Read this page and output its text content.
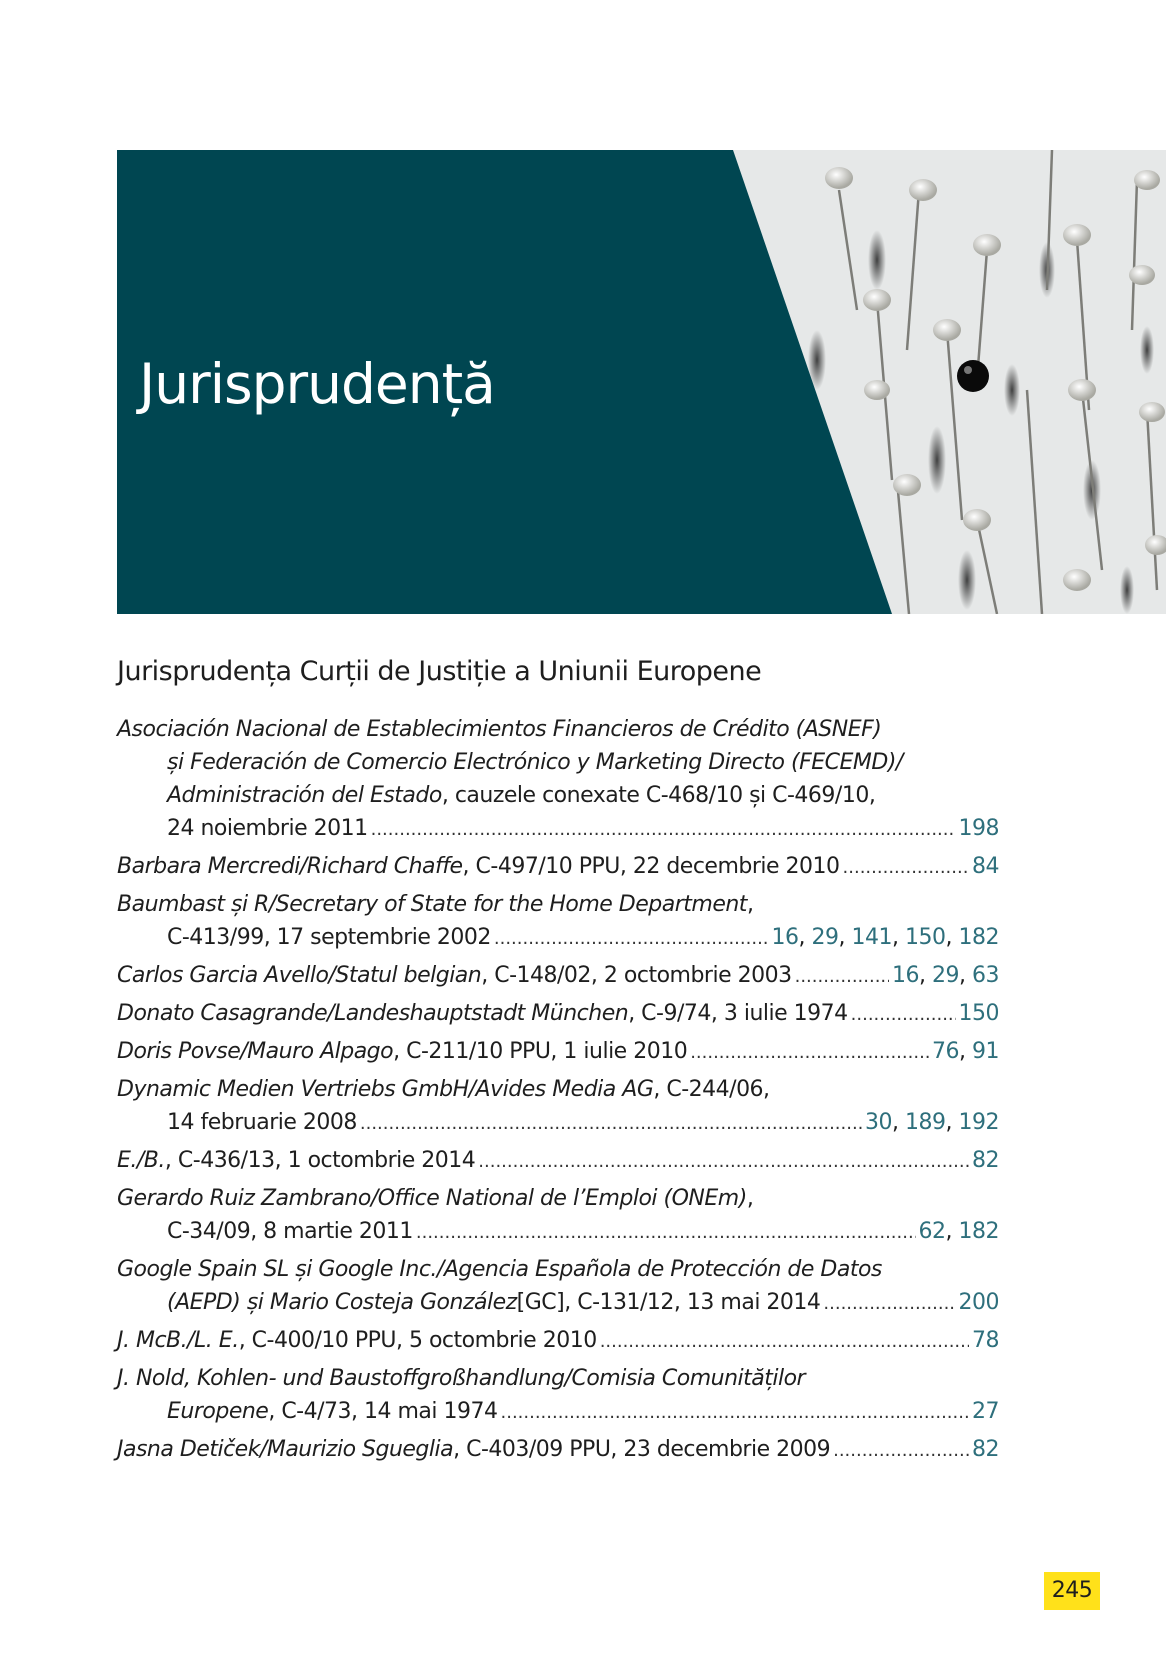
Jurisprudență
Jurisprudența Curții de Justiție a Uniunii Europene
Asociación Nacional de Establecimientos Financieros de Crédito (ASNEF)
și Federación de Comercio Electrónico y Marketing Directo (FECEMD)/
Administración del Estado, cauzele conexate C-468/10 și C-469/10,
24 noiembrie 2011 .....	198
Barbara Mercredi/Richard Chaffe , C-497/10 PPU, 22 decembrie 2010 .....	84
Baumbast și R/Secretary of State for the Home Department,
C-413/99, 17 septembrie 2002 .....	16, 29, 141, 150, 182
Carlos Garcia Avello/Statul belgian , C-148/02, 2 octombrie 2003 .....	16, 29, 63
Donato Casagrande/Landeshauptstadt München , C-9/74, 3 iulie 1974 .....	150
Doris Povse/Mauro Alpago , C-211/10 PPU, 1 iulie 2010 .....	76, 91
Dynamic Medien Vertriebs GmbH/Avides Media AG, C-244/06,
14 februarie 2008 .....	30, 189, 192
E./B. , C-436/13, 1 octombrie 2014 .....	82
Gerardo Ruiz Zambrano/Office National de l’Emploi (ONEm),
C-34/09, 8 martie 2011 .....	62, 182
Google Spain SL și Google Inc./Agencia Española de Protección de Datos
(AEPD) și Mario Costeja González [GC], C-131/12, 13 mai 2014 .....	200
J. McB./L. E. , C-400/10 PPU, 5 octombrie 2010 .....	78
J. Nold, Kohlen- und Baustoffgroßhandlung/Comisia Comunităților
Europene , C-4/73, 14 mai 1974 .....	27
Jasna Detiček/Maurizio Sgueglia , C-403/09 PPU, 23 decembrie 2009 .....	82
245
